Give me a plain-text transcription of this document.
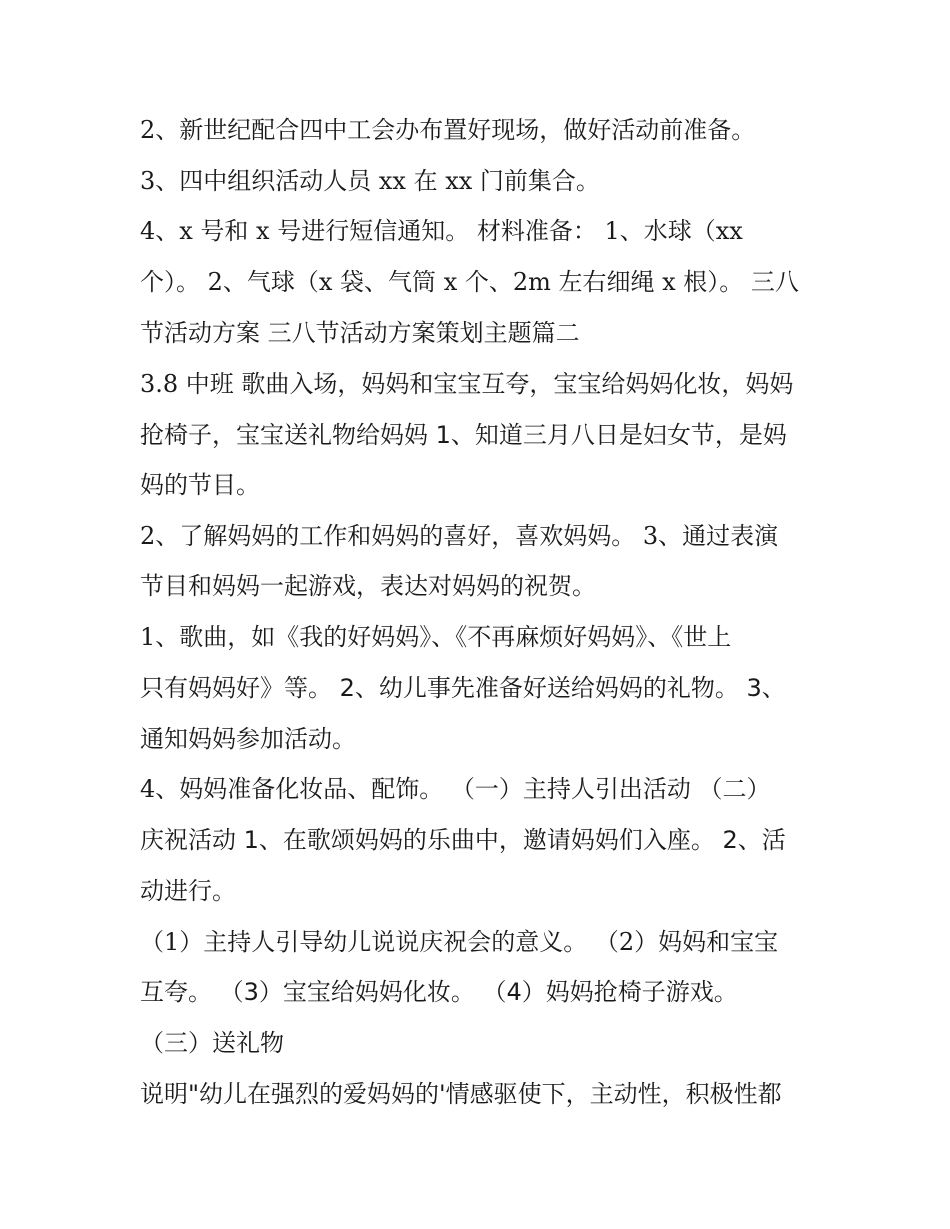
2、新世纪配合四中工会办布置好现场，做好活动前准备。
3、四中组织活动人员 xx 在 xx 门前集合。
4、x 号和 x 号进行短信通知。 材料准备： 1、水球（xx
个）。 2、气球（x 袋、气筒 x 个、2m 左右细绳 x 根）。 三八
节活动方案 三八节活动方案策划主题篇二
3.8 中班 歌曲入场，妈妈和宝宝互夸，宝宝给妈妈化妆，妈妈
抢椅子，宝宝送礼物给妈妈 1、知道三月八日是妇女节，是妈
妈的节目。
2、了解妈妈的工作和妈妈的喜好，喜欢妈妈。 3、通过表演
节目和妈妈一起游戏，表达对妈妈的祝贺。
1、歌曲，如《我的好妈妈》、《不再麻烦好妈妈》、《世上
只有妈妈好》等。 2、幼儿事先准备好送给妈妈的礼物。 3、
通知妈妈参加活动。
4、妈妈准备化妆品、配饰。 （一）主持人引出活动 （二）
庆祝活动 1、在歌颂妈妈的乐曲中，邀请妈妈们入座。 2、活
动进行。
（1）主持人引导幼儿说说庆祝会的意义。 （2）妈妈和宝宝
互夸。 （3）宝宝给妈妈化妆。 （4）妈妈抢椅子游戏。
（三）送礼物
说明"幼儿在强烈的爱妈妈的'情感驱使下，主动性，积极性都
